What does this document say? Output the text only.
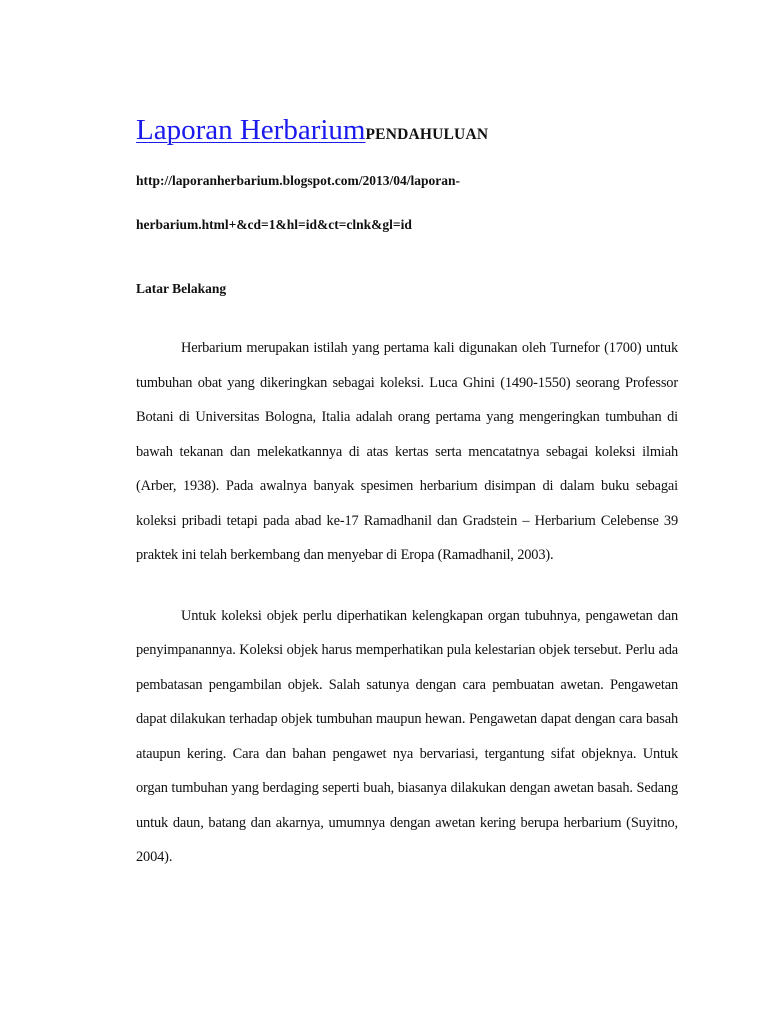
Laporan HerbariumPENDAHULUAN

http://laporanherbarium.blogspot.com/2013/04/laporan-

herbarium.html+&cd=1&hl=id&ct=clnk&gl=id

Latar Belakang

Herbarium merupakan istilah yang pertama kali digunakan oleh Turnefor (1700) untuk tumbuhan obat yang dikeringkan sebagai koleksi. Luca Ghini (1490-1550) seorang Professor Botani di Universitas Bologna, Italia adalah orang pertama yang mengeringkan tumbuhan di bawah tekanan dan melekatkannya di atas kertas serta mencatatnya sebagai koleksi ilmiah (Arber, 1938). Pada awalnya banyak spesimen herbarium disimpan di dalam buku sebagai koleksi pribadi tetapi pada abad ke-17 Ramadhanil dan Gradstein – Herbarium Celebense 39 praktek ini telah berkembang dan menyebar di Eropa (Ramadhanil, 2003).

Untuk koleksi objek perlu diperhatikan kelengkapan organ tubuhnya, pengawetan dan penyimpanannya. Koleksi objek harus memperhatikan pula kelestarian objek tersebut. Perlu ada pembatasan pengambilan objek. Salah satunya dengan cara pembuatan awetan. Pengawetan dapat dilakukan terhadap objek tumbuhan maupun hewan. Pengawetan dapat dengan cara basah ataupun kering. Cara dan bahan pengawet nya bervariasi, tergantung sifat objeknya. Untuk organ tumbuhan yang berdaging seperti buah, biasanya dilakukan dengan awetan basah. Sedang untuk daun, batang dan akarnya, umumnya dengan awetan kering berupa herbarium (Suyitno, 2004).
